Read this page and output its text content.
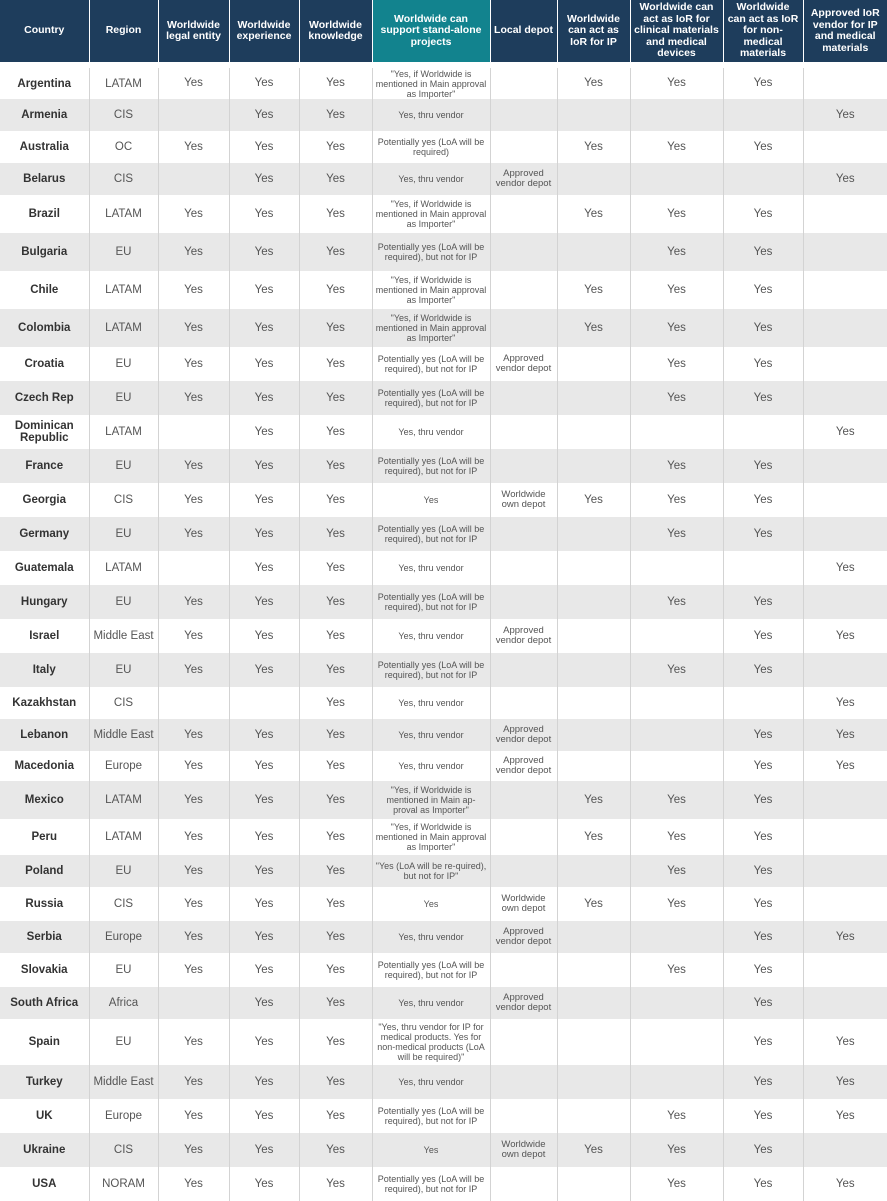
Country	Region	Worldwide legal entity	Worldwide experience	Worldwide knowledge	Worldwide can support stand-alone projects	Local depot	Worldwide can act as IoR for IP	Worldwide can act as IoR for clinical materials and medical devices	Worldwide can act as IoR for non-medical materials	Approved IoR vendor for IP and medical materials
Argentina	LATAM	Yes	Yes	Yes	"Yes, if Worldwide is mentioned in Main approval as Importer"		Yes	Yes	Yes	
Armenia	CIS		Yes	Yes	Yes, thru vendor					Yes
Australia	OC	Yes	Yes	Yes	Potentially yes (LoA will be required)		Yes	Yes	Yes	
Belarus	CIS		Yes	Yes	Yes, thru vendor	Approved vendor depot				Yes
Brazil	LATAM	Yes	Yes	Yes	"Yes, if Worldwide is mentioned in Main approval as Importer"		Yes	Yes	Yes	
Bulgaria	EU	Yes	Yes	Yes	Potentially yes (LoA will be required), but not for IP			Yes	Yes	
Chile	LATAM	Yes	Yes	Yes	"Yes, if Worldwide is mentioned in Main approval as Importer"		Yes	Yes	Yes	
Colombia	LATAM	Yes	Yes	Yes	"Yes, if Worldwide is mentioned in Main approval as Importer"		Yes	Yes	Yes	
Croatia	EU	Yes	Yes	Yes	Potentially yes (LoA will be required), but not for IP	Approved vendor depot		Yes	Yes	
Czech Rep	EU	Yes	Yes	Yes	Potentially yes (LoA will be required), but not for IP			Yes	Yes	
Dominican Republic	LATAM		Yes	Yes	Yes, thru vendor					Yes
France	EU	Yes	Yes	Yes	Potentially yes (LoA will be required), but not for IP			Yes	Yes	
Georgia	CIS	Yes	Yes	Yes	Yes	Worldwide own depot	Yes	Yes	Yes	
Germany	EU	Yes	Yes	Yes	Potentially yes (LoA will be required), but not for IP			Yes	Yes	
Guatemala	LATAM		Yes	Yes	Yes, thru vendor					Yes
Hungary	EU	Yes	Yes	Yes	Potentially yes (LoA will be required), but not for IP			Yes	Yes	
Israel	Middle East	Yes	Yes	Yes	Yes, thru vendor	Approved vendor depot			Yes	Yes
Italy	EU	Yes	Yes	Yes	Potentially yes (LoA will be required), but not for IP			Yes	Yes	
Kazakhstan	CIS			Yes	Yes, thru vendor					Yes
Lebanon	Middle East	Yes	Yes	Yes	Yes, thru vendor	Approved vendor depot			Yes	Yes
Macedonia	Europe	Yes	Yes	Yes	Yes, thru vendor	Approved vendor depot			Yes	Yes
Mexico	LATAM	Yes	Yes	Yes	"Yes, if Worldwide is mentioned in Main ap-proval as Importer"		Yes	Yes	Yes	
Peru	LATAM	Yes	Yes	Yes	"Yes, if Worldwide is mentioned in Main approval as Importer"		Yes	Yes	Yes	
Poland	EU	Yes	Yes	Yes	"Yes (LoA will be re-quired), but not for IP"			Yes	Yes	
Russia	CIS	Yes	Yes	Yes	Yes	Worldwide own depot	Yes	Yes	Yes	
Serbia	Europe	Yes	Yes	Yes	Yes, thru vendor	Approved vendor depot			Yes	Yes
Slovakia	EU	Yes	Yes	Yes	Potentially yes (LoA will be required), but not for IP			Yes	Yes	
South Africa	Africa		Yes	Yes	Yes, thru vendor	Approved vendor depot			Yes	
Spain	EU	Yes	Yes	Yes	"Yes, thru vendor for IP for medical products. Yes for non-medical products (LoA will be required)"				Yes	Yes
Turkey	Middle East	Yes	Yes	Yes	Yes, thru vendor				Yes	Yes
UK	Europe	Yes	Yes	Yes	Potentially yes (LoA will be required), but not for IP			Yes	Yes	Yes
Ukraine	CIS	Yes	Yes	Yes	Yes	Worldwide own depot	Yes	Yes	Yes	
USA	NORAM	Yes	Yes	Yes	Potentially yes (LoA will be required), but not for IP			Yes	Yes	Yes
